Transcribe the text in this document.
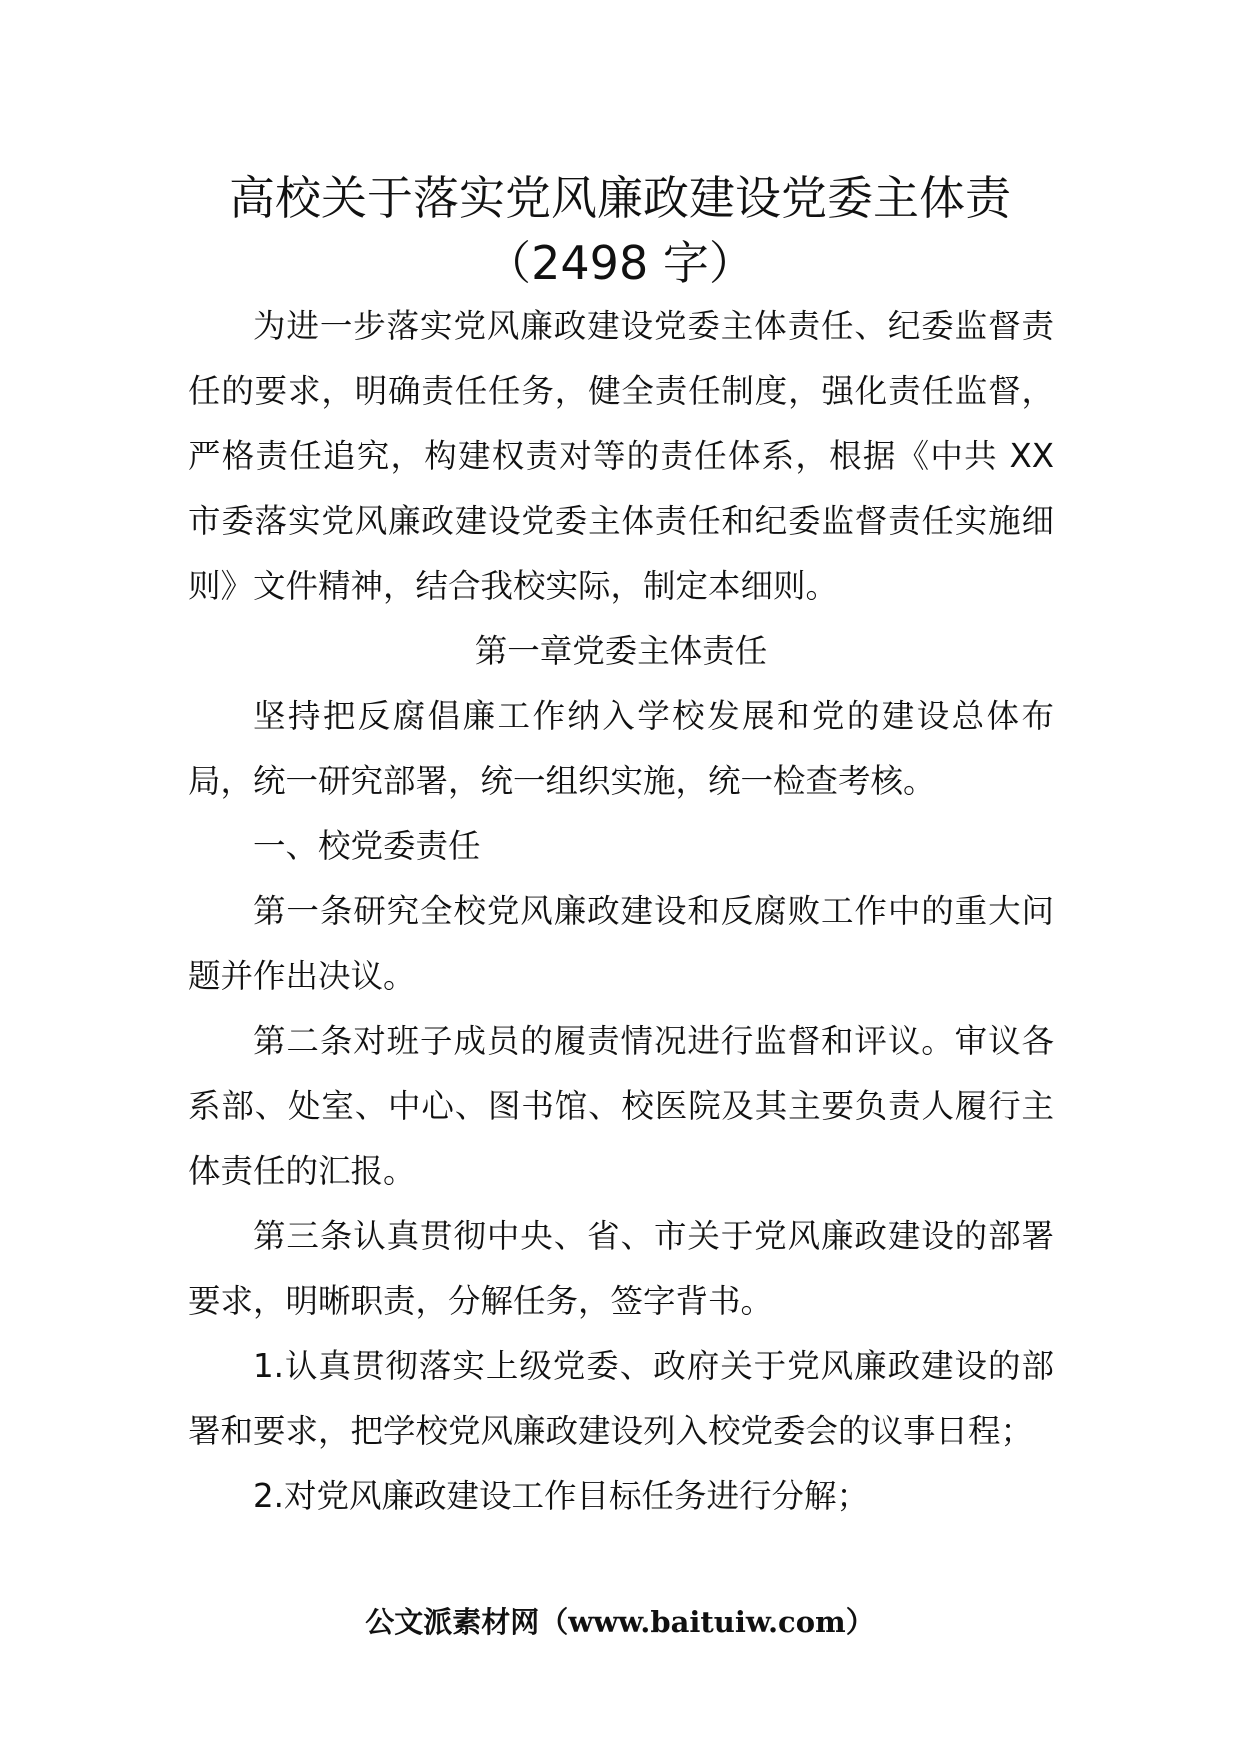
高校关于落实党风廉政建设党委主体责
（2498 字）

为进一步落实党风廉政建设党委主体责任、纪委监督责任的要求，明确责任任务，健全责任制度，强化责任监督，严格责任追究，构建权责对等的责任体系，根据《中共 XX 市委落实党风廉政建设党委主体责任和纪委监督责任实施细则》文件精神，结合我校实际，制定本细则。

第一章党委主体责任

坚持把反腐倡廉工作纳入学校发展和党的建设总体布局，统一研究部署，统一组织实施，统一检查考核。

一、校党委责任

第一条研究全校党风廉政建设和反腐败工作中的重大问题并作出决议。

第二条对班子成员的履责情况进行监督和评议。审议各系部、处室、中心、图书馆、校医院及其主要负责人履行主体责任的汇报。

第三条认真贯彻中央、省、市关于党风廉政建设的部署要求，明晰职责，分解任务，签字背书。

1.认真贯彻落实上级党委、政府关于党风廉政建设的部署和要求，把学校党风廉政建设列入校党委会的议事日程；

2.对党风廉政建设工作目标任务进行分解；

公文派素材网（www.baituiw.com）
